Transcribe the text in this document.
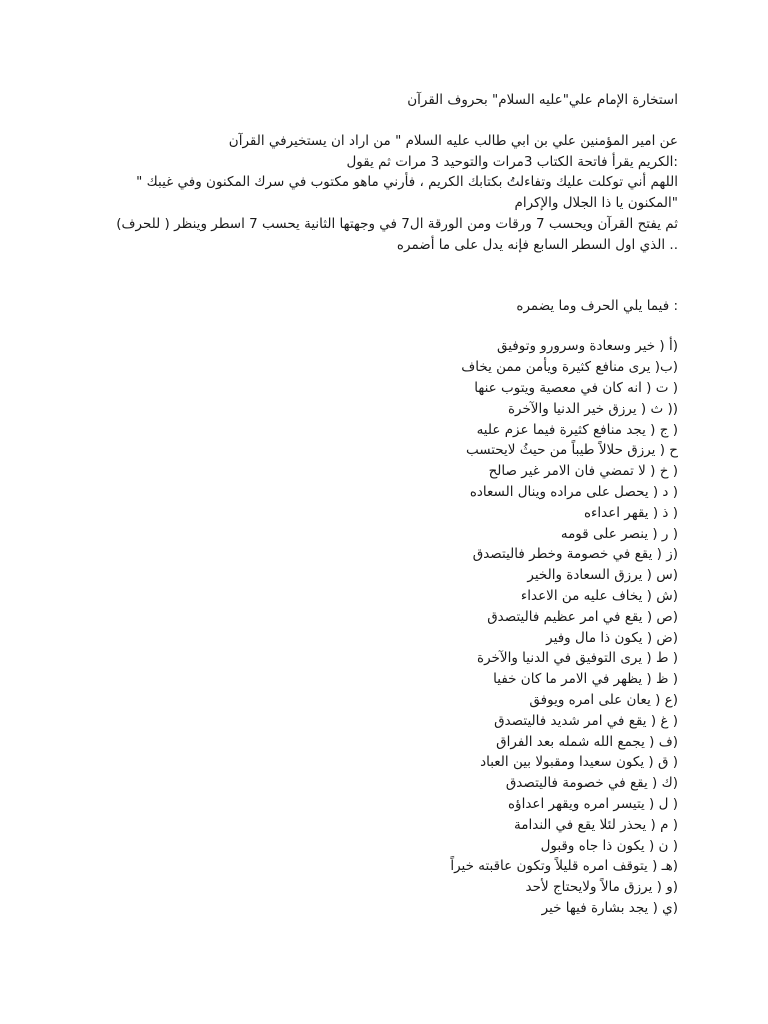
استخارة الإمام علي"عليه السلام" بحروف القرآن
عن امير المؤمنين علي بن ابي طالب عليه السلام " من اراد ان يستخيرفي القرآن
:الكريم يقرأ فاتحة الكتاب 3مرات والتوحيد 3 مرات ثم يقول
اللهم أني توكلت عليك وتفاءلتُ بكتابك الكريم ، فأرني ماهو مكتوب في سرك المكنون وفي غيبك "
"المكنون يا ذا الجلال والإكرام
ثم يفتح القرآن ويحسب 7 ورقات ومن الورقة ال7 في وجهتها الثانية يحسب 7 اسطر وينظر ( للحرف)
.. الذي اول السطر السابع فإنه يدل على ما أضمره
: فيما يلي الحرف وما يضمره
(أ ( خير وسعادة وسرورو وتوفيق
(ب( يرى منافع كثيرة ويأمن ممن يخاف
( ت ( انه كان في معصية ويتوب عنها
(( ث ( يرزق خير الدنيا والآخرة
( ج ( يجد منافع كثيرة فيما عزم عليه
ح ( يرزق حلالاً طيباً من حيثُ لايحتسب
( خ ( لا تمضي فان الامر غير صالح
( د ( يحصل على مراده وينال السعاده
( ذ ( يقهر اعداءه
( ر ( ينصر على قومه
(ز ( يقع في خصومة وخطر فاليتصدق
(س ( يرزق السعادة والخير
(ش ( يخاف عليه من الاعداء
(ص ( يقع في امر عظيم فاليتصدق
(ض ( يكون ذا مال وفير
( ط ( يرى التوفيق في الدنيا والآخرة
( ظ ( يظهر في الامر ما كان خفيا
(ع ( يعان على امره ويوفق
( غ ( يقع في امر شديد فاليتصدق
(ف ( يجمع الله شمله بعد الفراق
( ق ( يكون سعيدا ومقبولا بين العباد
(ك ( يقع في خصومة فاليتصدق
( ل ( يتيسر امره ويقهر اعداؤه
( م ( يحذر لئلا يقع في الندامة
( ن ( يكون ذا جاه وقبول
(هـ ( يتوقف امره قليلاً وتكون عاقبته خيراً
(و ( يرزق مالاً ولايحتاج لأحد
(ي ( يجد بشارة فيها خير
